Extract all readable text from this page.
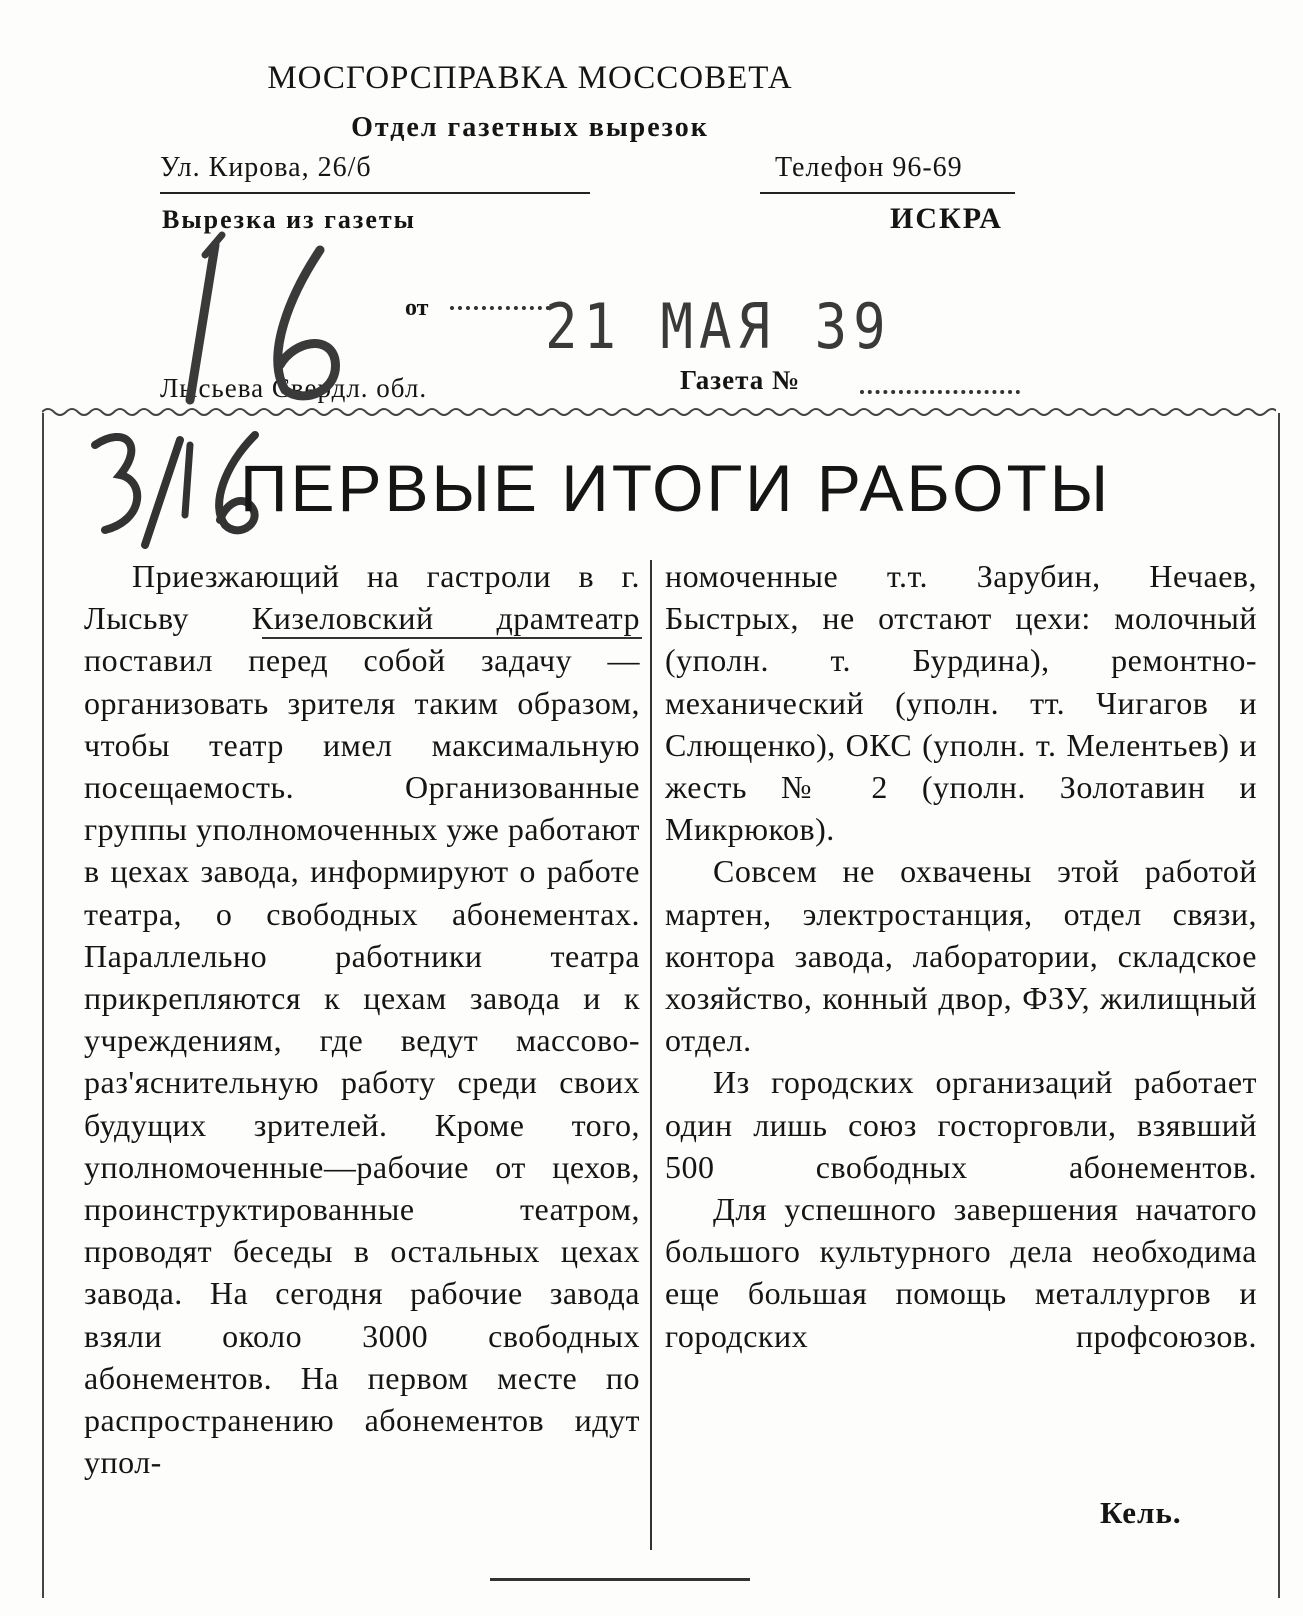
МОСГОРСПРАВКА МОССОВЕТА
Отдел газетных вырезок
Ул. Кирова, 26/б	Телефон 96-69
Вырезка из газеты	ИСКРА
от 21 МАЯ 39
Лысьева Свердл. обл.	Газета №
ПЕРВЫЕ ИТОГИ РАБОТЫ

Приезжающий на гастроли в г. Лысьву Кизеловский драмтеатр поставил перед собой задачу —организовать зрителя таким образом, чтобы театр имел максимальную посещаемость. Организованные группы уполномоченных уже работают в цехах завода, информируют о работе театра, о свободных абонементах. Параллельно работники театра прикрепляются к цехам завода и к учреждениям, где ведут массово-раз'яснительную работу среди своих будущих зрителей. Кроме того, уполномоченные—рабочие от цехов, проинструктированные театром, проводят беседы в остальных цехах завода. На сегодня рабочие завода взяли около 3000 свободных абонементов. На первом месте по распространению абонементов идут упол-

номоченные т.т. Зарубин, Нечаев, Быстрых, не отстают цехи: молочный (уполн. т. Бурдина), ремонтно-механический (уполн. тт. Чигагов и Слющенко), ОКС (уполн. т. Мелентьев) и жесть № 2 (уполн. Золотавин и Микрюков).

Совсем не охвачены этой работой мартен, электростанция, отдел связи, контора завода, лаборатории, складское хозяйство, конный двор, ФЗУ, жилищный отдел.

Из городских организаций работает один лишь союз госторговли, взявший 500 свободных абонементов.

Для успешного завершения начатого большого культурного дела необходима еще большая помощь металлургов и городских профсоюзов.

Кель.
